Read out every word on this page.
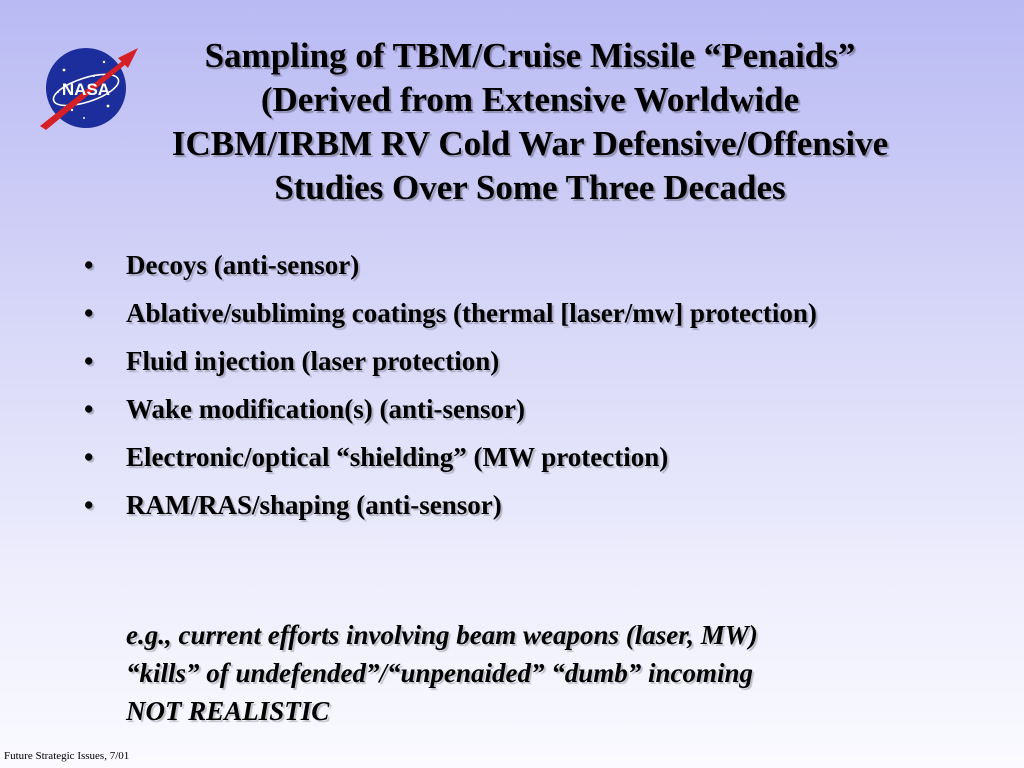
NASA
Sampling of TBM/Cruise Missile “Penaids”
(Derived from Extensive Worldwide
ICBM/IRBM RV Cold War Defensive/Offensive
Studies Over Some Three Decades
• Decoys (anti-sensor)
• Ablative/subliming coatings (thermal [laser/mw] protection)
• Fluid injection (laser protection)
• Wake modification(s) (anti-sensor)
• Electronic/optical “shielding” (MW protection)
• RAM/RAS/shaping (anti-sensor)
e.g., current efforts involving beam weapons (laser, MW)
“kills” of undefended”/“unpenaided” “dumb” incoming
NOT REALISTIC
Future Strategic Issues, 7/01
